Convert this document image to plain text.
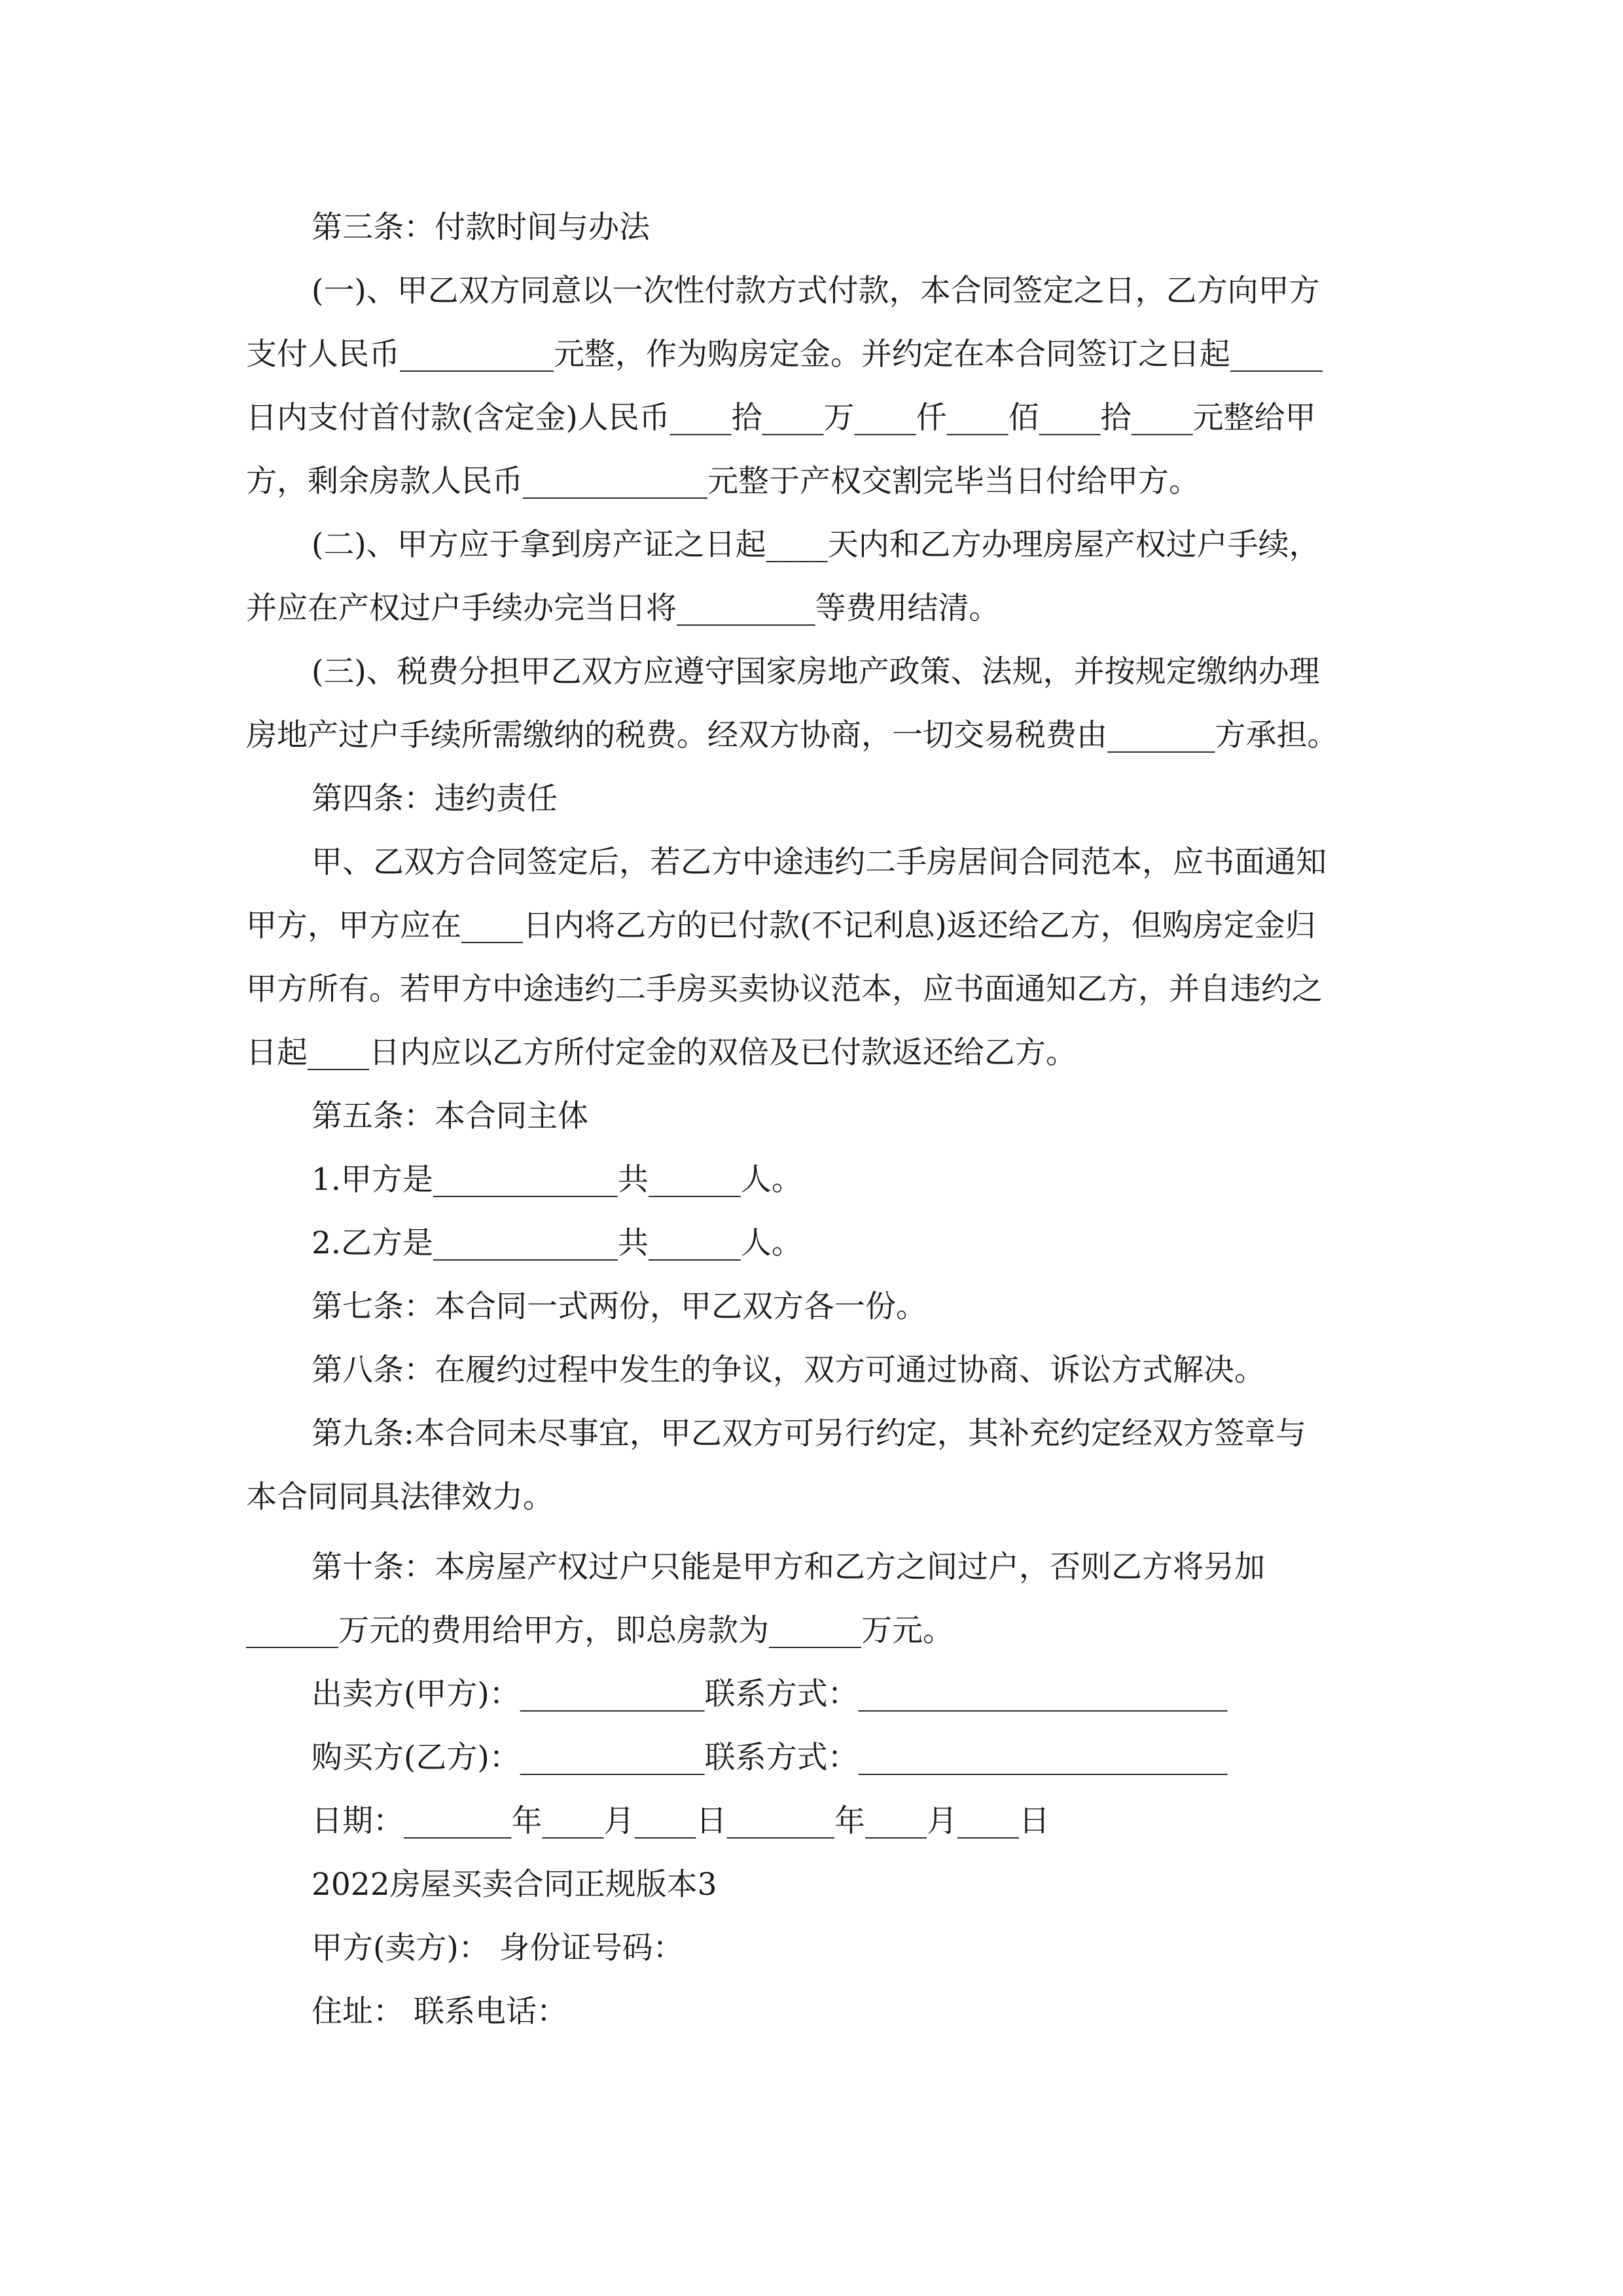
第三条：付款时间与办法
(一)、甲乙双方同意以一次性付款方式付款，本合同签定之日，乙方向甲方
支付人民币__________元整，作为购房定金。并约定在本合同签订之日起______
日内支付首付款(含定金)人民币____拾____万____仟____佰____拾____元整给甲
方，剩余房款人民币____________元整于产权交割完毕当日付给甲方。
(二)、甲方应于拿到房产证之日起____天内和乙方办理房屋产权过户手续，
并应在产权过户手续办完当日将_________等费用结清。
(三)、税费分担甲乙双方应遵守国家房地产政策、法规，并按规定缴纳办理
房地产过户手续所需缴纳的税费。经双方协商，一切交易税费由_______方承担。
第四条：违约责任
甲、乙双方合同签定后，若乙方中途违约二手房居间合同范本，应书面通知
甲方，甲方应在____日内将乙方的已付款(不记利息)返还给乙方，但购房定金归
甲方所有。若甲方中途违约二手房买卖协议范本，应书面通知乙方，并自违约之
日起____日内应以乙方所付定金的双倍及已付款返还给乙方。
第五条：本合同主体
1.甲方是____________共______人。
2.乙方是____________共______人。
第七条：本合同一式两份，甲乙双方各一份。
第八条：在履约过程中发生的争议，双方可通过协商、诉讼方式解决。
第九条:本合同未尽事宜，甲乙双方可另行约定，其补充约定经双方签章与
本合同同具法律效力。
第十条：本房屋产权过户只能是甲方和乙方之间过户，否则乙方将另加
______万元的费用给甲方，即总房款为______万元。
出卖方(甲方)：____________联系方式：________________________
购买方(乙方)：____________联系方式：________________________
日期：_______年____月____日_______年____月____日
2022房屋买卖合同正规版本3
甲方(卖方)： 身份证号码：
住址： 联系电话：
